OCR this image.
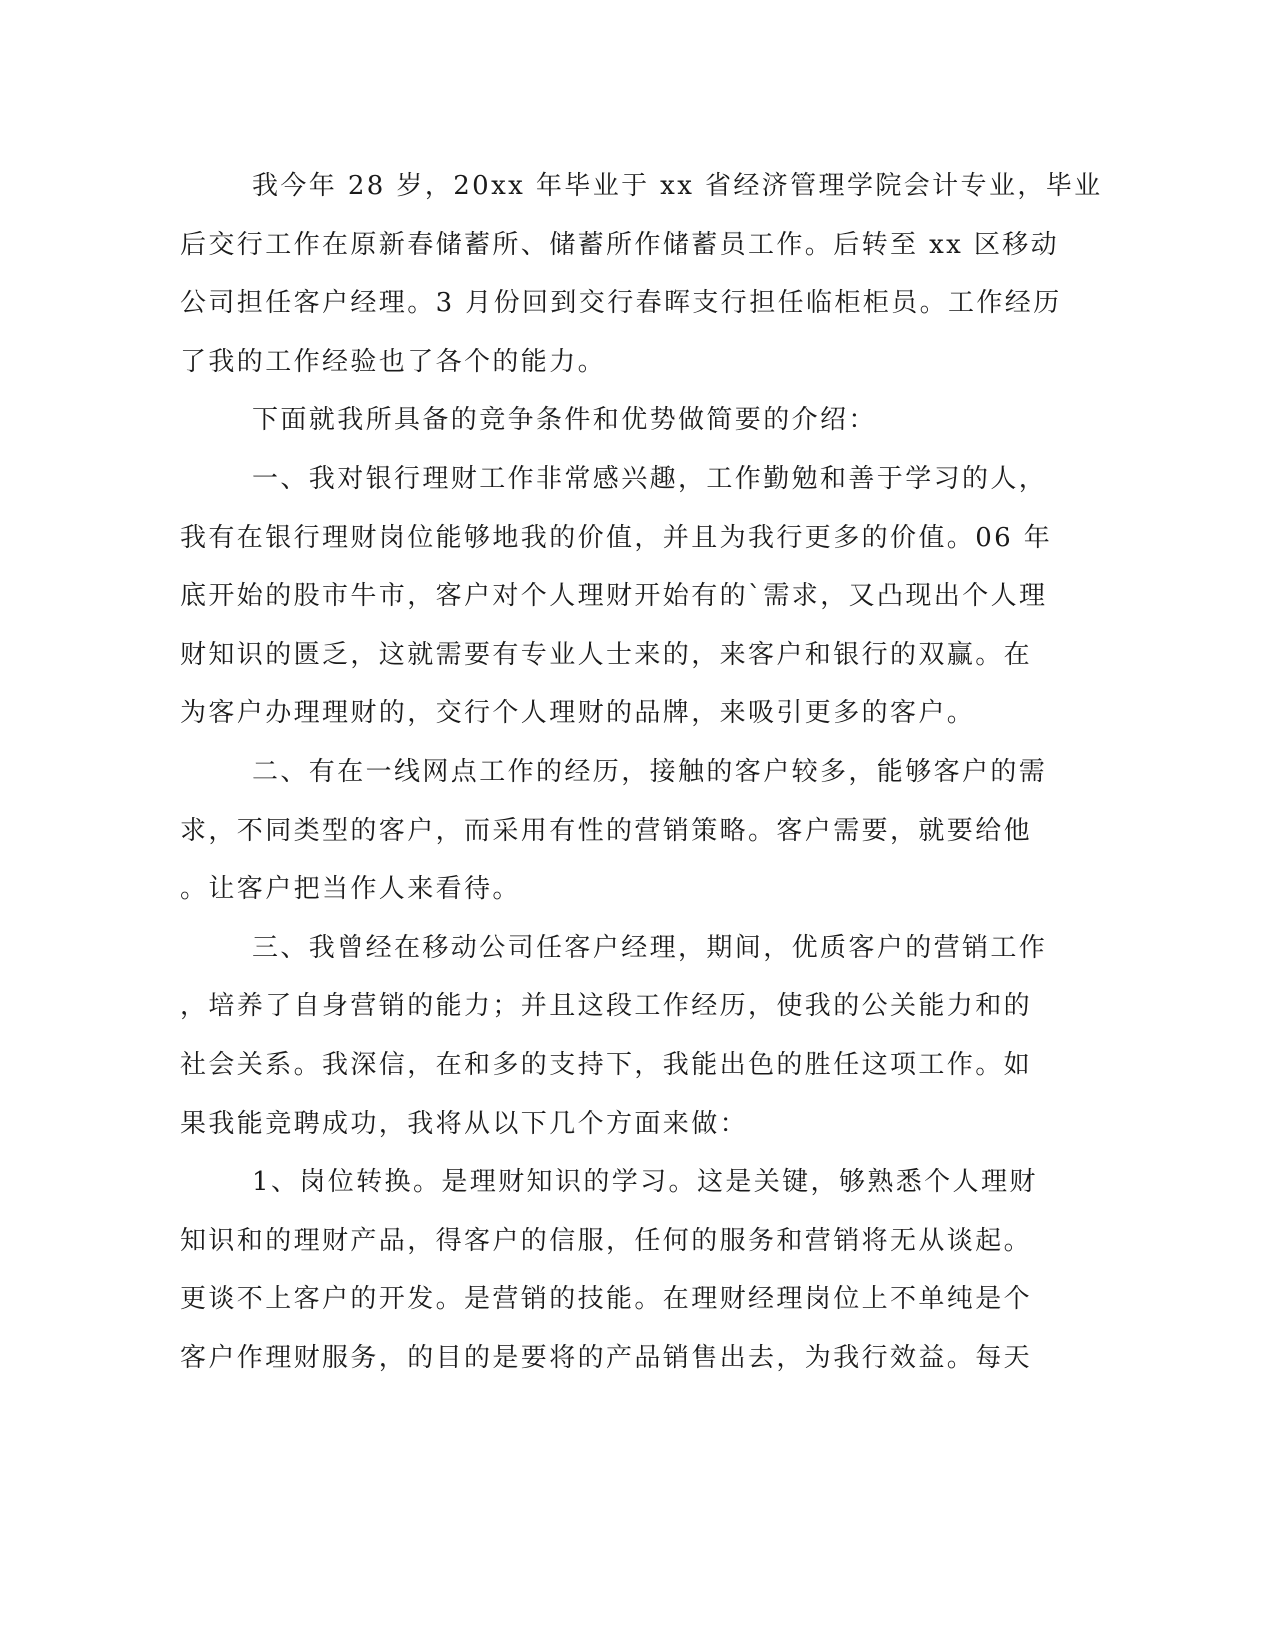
我今年 28 岁，20xx 年毕业于 xx 省经济管理学院会计专业，毕业
后交行工作在原新春储蓄所、储蓄所作储蓄员工作。后转至 xx 区移动
公司担任客户经理。3 月份回到交行春晖支行担任临柜柜员。工作经历
了我的工作经验也了各个的能力。
下面就我所具备的竞争条件和优势做简要的介绍：
一、我对银行理财工作非常感兴趣，工作勤勉和善于学习的人，
我有在银行理财岗位能够地我的价值，并且为我行更多的价值。06 年
底开始的股市牛市，客户对个人理财开始有的`需求，又凸现出个人理
财知识的匮乏，这就需要有专业人士来的，来客户和银行的双赢。在
为客户办理理财的，交行个人理财的品牌，来吸引更多的客户。
二、有在一线网点工作的经历，接触的客户较多，能够客户的需
求，不同类型的客户，而采用有性的营销策略。客户需要，就要给他
。让客户把当作人来看待。
三、我曾经在移动公司任客户经理，期间，优质客户的营销工作
，培养了自身营销的能力；并且这段工作经历，使我的公关能力和的
社会关系。我深信，在和多的支持下，我能出色的胜任这项工作。如
果我能竞聘成功，我将从以下几个方面来做：
1、岗位转换。是理财知识的学习。这是关键，够熟悉个人理财
知识和的理财产品，得客户的信服，任何的服务和营销将无从谈起。
更谈不上客户的开发。是营销的技能。在理财经理岗位上不单纯是个
客户作理财服务，的目的是要将的产品销售出去，为我行效益。每天
